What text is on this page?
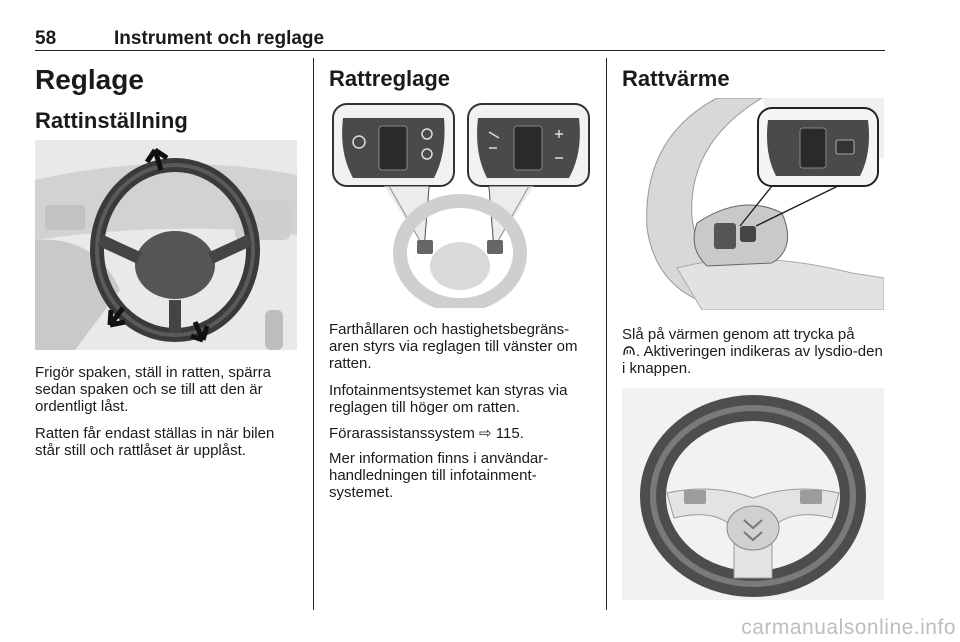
58	Instrument och reglage
Reglage
Rattinställning

Frigör spaken, ställ in ratten, spärra sedan spaken och se till att den är ordentligt låst.

Ratten får endast ställas in när bilen står still och rattlåset är upplåst.

Rattreglage

Farthållaren och hastighetsbegräns-aren styrs via reglagen till vänster om ratten.

Infotainmentsystemet kan styras via reglagen till höger om ratten.

Förarassistanssystem ⇨ 115.

Mer information finns i användar-handledningen till infotainment-systemet.

Rattvärme

Slå på värmen genom att trycka på
. Aktiveringen indikeras av lysdio-den i knappen.

carmanualsonline.info
